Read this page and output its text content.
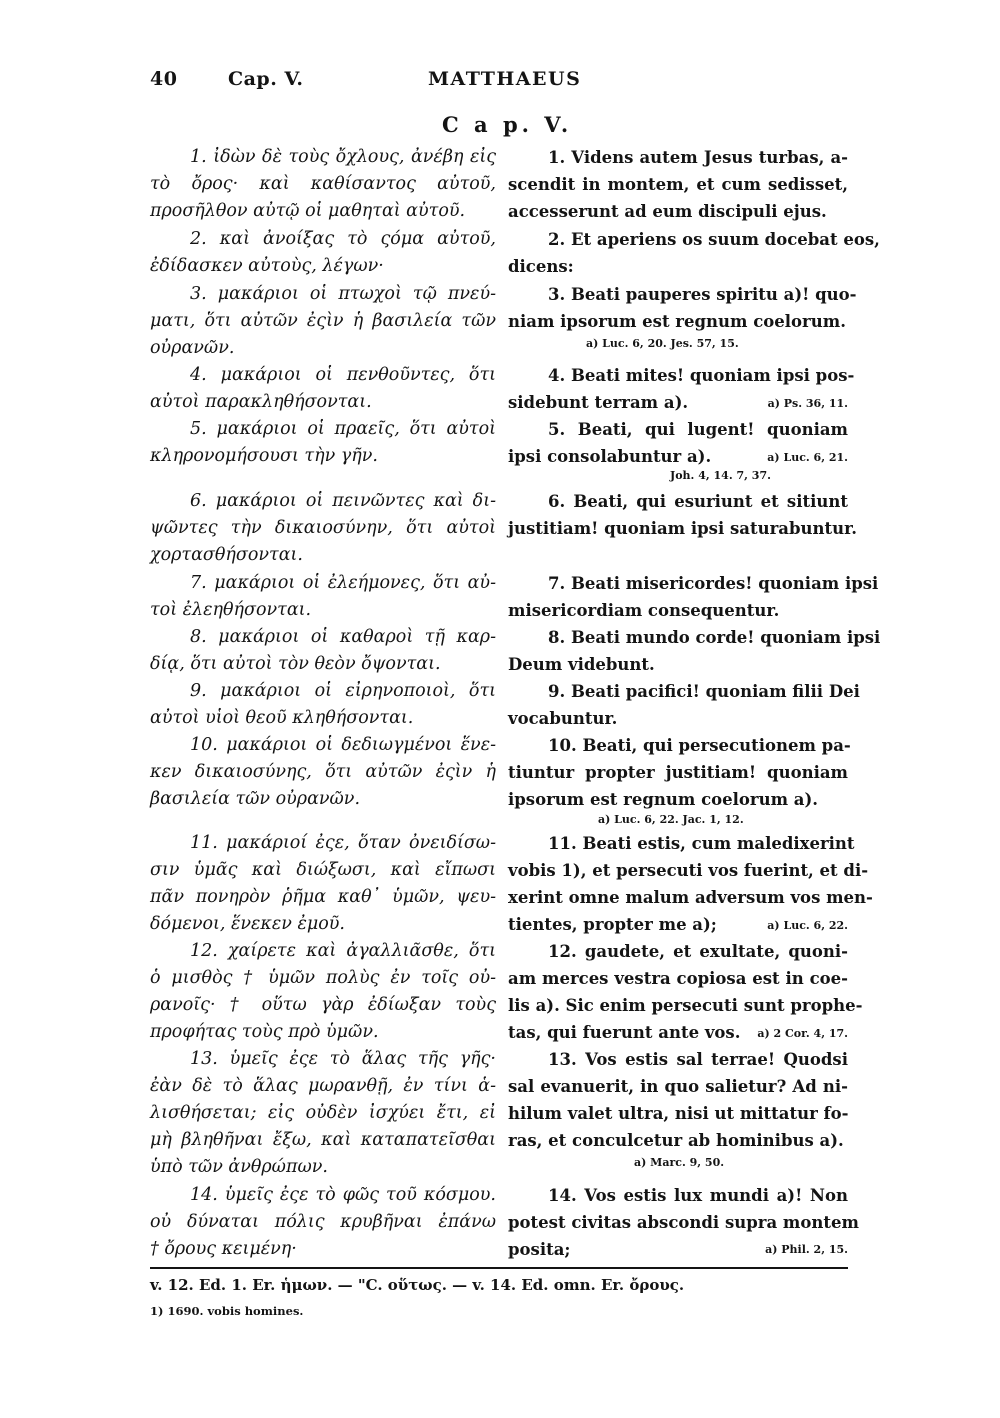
40	Cap. V.	MATTHAEUS
C a p. V.
1. ἰδὼν δὲ τοὺς ὄχλους, ἀνέβη εἰς
τὸ ὄρος· καὶ καθίσαντος αὐτοῦ,
προσῆλθον αὐτῷ οἱ μαθηταὶ αὐτοῦ.
2. καὶ ἀνοίξας τὸ ςόμα αὐτοῦ,
ἐδίδασκεν αὐτοὺς, λέγων·
3. μακάριοι οἱ πτωχοὶ τῷ πνεύ-
ματι, ὅτι αὐτῶν ἐςὶν ἡ βασιλεία τῶν
οὐρανῶν.
4. μακάριοι οἱ πενθοῦντες, ὅτι
αὐτοὶ παρακληθήσονται.
5. μακάριοι οἱ πραεῖς, ὅτι αὐτοὶ
κληρονομήσουσι τὴν γῆν.
6. μακάριοι οἱ πεινῶντες καὶ δι-
ψῶντες τὴν δικαιοσύνην, ὅτι αὐτοὶ
χορτασθήσονται.
7. μακάριοι οἱ ἐλεήμονες, ὅτι αὐ-
τοὶ ἐλεηθήσονται.
8. μακάριοι οἱ καθαροὶ τῇ καρ-
δίᾳ, ὅτι αὐτοὶ τὸν θεὸν ὄψονται.
9. μακάριοι οἱ εἰρηνοποιοὶ, ὅτι
αὐτοὶ υἱοὶ θεοῦ κληθήσονται.
10. μακάριοι οἱ δεδιωγμένοι ἕνε-
κεν δικαιοσύνης, ὅτι αὐτῶν ἐςὶν ἡ
βασιλεία τῶν οὐρανῶν.
11. μακάριοί ἐςε, ὅταν ὀνειδίσω-
σιν ὑμᾶς καὶ διώξωσι, καὶ εἴπωσι
πᾶν πονηρὸν ῥῆμα καθ᾽ ὑμῶν, ψευ-
δόμενοι, ἕνεκεν ἐμοῦ.
12. χαίρετε καὶ ἀγαλλιᾶσθε, ὅτι
ὁ μισθὸς † ὑμῶν πολὺς ἐν τοῖς οὐ-
ρανοῖς· † οὕτω γὰρ ἐδίωξαν τοὺς
προφήτας τοὺς πρὸ ὑμῶν.
13. ὑμεῖς ἐςε τὸ ἅλας τῆς γῆς·
ἐὰν δὲ τὸ ἅλας μωρανθῇ, ἐν τίνι ἁ-
λισθήσεται; εἰς οὐδὲν ἰσχύει ἔτι, εἰ
μὴ βληθῆναι ἔξω, καὶ καταπατεῖσθαι
ὑπὸ τῶν ἀνθρώπων.
14. ὑμεῖς ἐςε τὸ φῶς τοῦ κόσμου.
οὐ δύναται πόλις κρυβῆναι ἐπάνω
† ὄρους κειμένη·
1. Videns autem Jesus turbas, a-
scendit in montem, et cum sedisset,
accesserunt ad eum discipuli ejus.
2. Et aperiens os suum docebat eos,
dicens:
3. Beati pauperes spiritu a)! quo-
niam ipsorum est regnum coelorum.
a) Luc. 6, 20. Jes. 57, 15.
4. Beati mites! quoniam ipsi pos-
sidebunt terram a).	a) Ps. 36, 11.
5. Beati, qui lugent! quoniam
ipsi consolabuntur a).	a) Luc. 6, 21.
Joh. 4, 14. 7, 37.
6. Beati, qui esuriunt et sitiunt
justitiam! quoniam ipsi saturabuntur.
7. Beati misericordes! quoniam ipsi
misericordiam consequentur.
8. Beati mundo corde! quoniam ipsi
Deum videbunt.
9. Beati pacifici! quoniam filii Dei
vocabuntur.
10. Beati, qui persecutionem pa-
tiuntur propter justitiam! quoniam
ipsorum est regnum coelorum a).
a) Luc. 6, 22. Jac. 1, 12.
11. Beati estis, cum maledixerint
vobis 1), et persecuti vos fuerint, et di-
xerint omne malum adversum vos men-
tientes, propter me a);	a) Luc. 6, 22.
12. gaudete, et exultate, quoni-
am merces vestra copiosa est in coe-
lis a). Sic enim persecuti sunt prophe-
tas, qui fuerunt ante vos.	a) 2 Cor. 4, 17.
13. Vos estis sal terrae! Quodsi
sal evanuerit, in quo salietur? Ad ni-
hilum valet ultra, nisi ut mittatur fo-
ras, et conculcetur ab hominibus a).
a) Marc. 9, 50.
14. Vos estis lux mundi a)! Non
potest civitas abscondi supra montem
posita;	a) Phil. 2, 15.
v. 12. Ed. 1. Er. ἡμων. — "C. οὕτως. — v. 14. Ed. omn. Er. ὄρους.
1) 1690. vobis homines.
